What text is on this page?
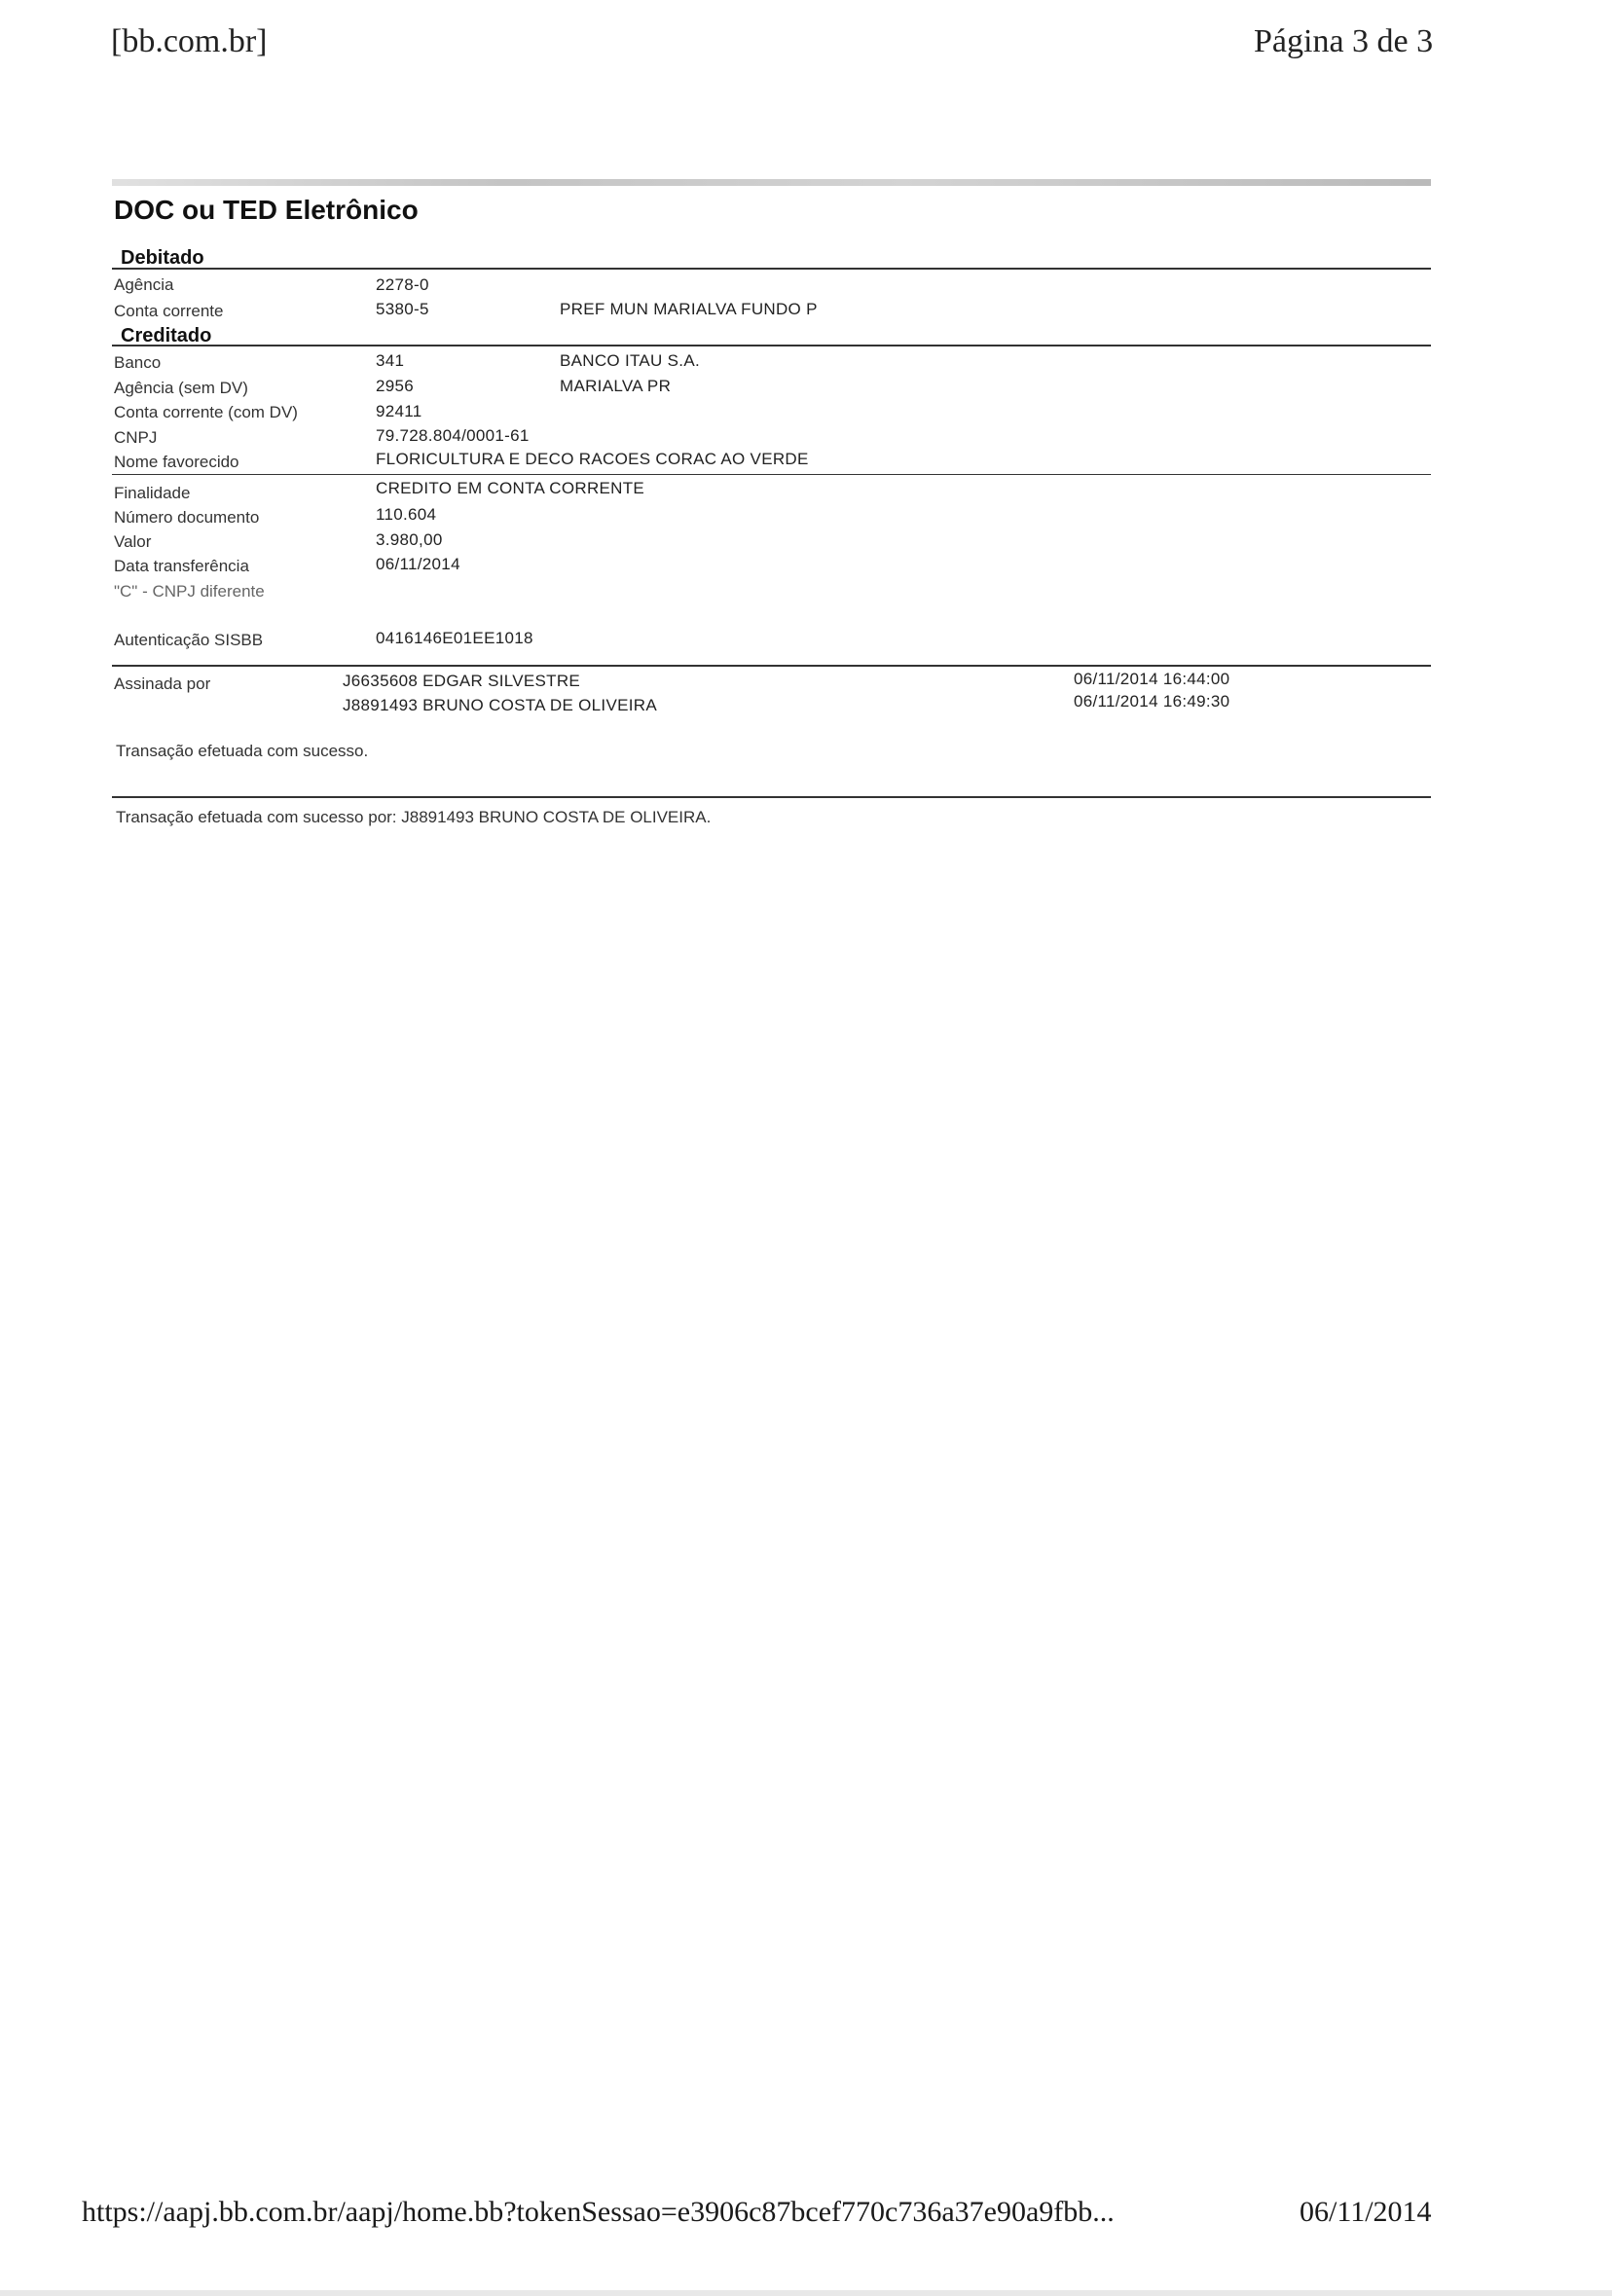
[bb.com.br]	Página 3 de 3
DOC ou TED Eletrônico
Debitado
Agência	2278-0
Conta corrente	5380-5	PREF MUN MARIALVA FUNDO P
Creditado
Banco	341	BANCO ITAU S.A.
Agência (sem DV)	2956	MARIALVA PR
Conta corrente (com DV)	92411
CNPJ	79.728.804/0001-61
Nome favorecido	FLORICULTURA E DECO RACOES CORAC AO VERDE
Finalidade	CREDITO EM CONTA CORRENTE
Número documento	110.604
Valor	3.980,00
Data transferência	06/11/2014
"C" - CNPJ diferente
Autenticação SISBB	0416146E01EE1018
Assinada por	J6635608 EDGAR SILVESTRE	06/11/2014 16:44:00
J8891493 BRUNO COSTA DE OLIVEIRA	06/11/2014 16:49:30
Transação efetuada com sucesso.
Transação efetuada com sucesso por: J8891493 BRUNO COSTA DE OLIVEIRA.
https://aapj.bb.com.br/aapj/home.bb?tokenSessao=e3906c87bcef770c736a37e90a9fbb...	06/11/2014
